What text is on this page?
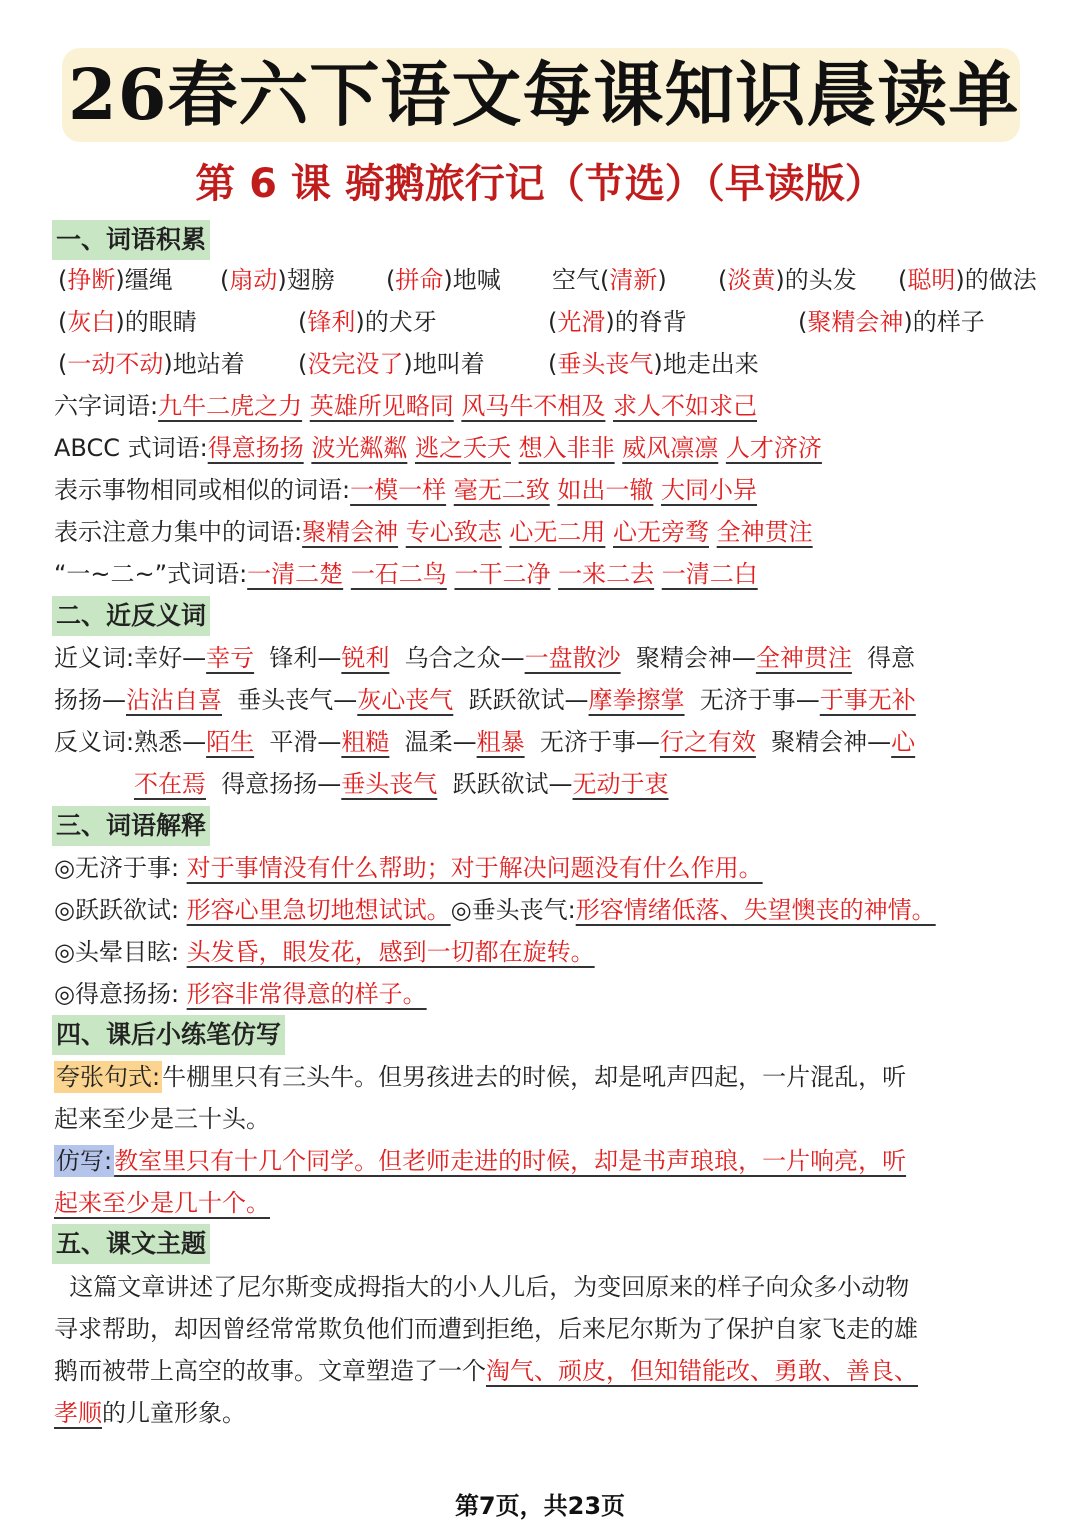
26春六下语文每课知识晨读单
第 6 课 骑鹅旅行记（节选）（早读版）
一、词语积累
(挣断)缰绳 (扇动)翅膀 (拼命)地喊 空气(清新) (淡黄)的头发 (聪明)的做法
(灰白)的眼睛	(锋利)的犬牙	(光滑)的脊背	(聚精会神)的样子
(一动不动)地站着 (没完没了)地叫着	(垂头丧气)地走出来
六字词语:九牛二虎之力 英雄所见略同 风马牛不相及 求人不如求己
ABCC 式词语:得意扬扬 波光粼粼 逃之夭夭 想入非非 威风凛凛 人才济济
表示事物相同或相似的词语:一模一样 毫无二致 如出一辙 大同小异
表示注意力集中的词语:聚精会神 专心致志 心无二用 心无旁骛 全神贯注
“一~二~”式词语:一清二楚 一石二鸟 一干二净 一来二去 一清二白
二、近反义词
近义词:幸好—幸亏 锋利—锐利 乌合之众—一盘散沙 聚精会神—全神贯注 得意
扬扬—沾沾自喜 垂头丧气—灰心丧气 跃跃欲试—摩拳擦掌 无济于事—于事无补
反义词:熟悉—陌生 平滑—粗糙 温柔—粗暴 无济于事—行之有效 聚精会神—心
不在焉 得意扬扬—垂头丧气 跃跃欲试—无动于衷
三、词语解释
◎无济于事: 对于事情没有什么帮助；对于解决问题没有什么作用。
◎跃跃欲试: 形容心里急切地想试试。◎垂头丧气:形容情绪低落、失望懊丧的神情。
◎头晕目眩: 头发昏，眼发花，感到一切都在旋转。
◎得意扬扬: 形容非常得意的样子。
四、课后小练笔仿写
夸张句式:牛棚里只有三头牛。但男孩进去的时候，却是吼声四起，一片混乱，听
起来至少是三十头。
仿写:教室里只有十几个同学。但老师走进的时候，却是书声琅琅，一片响亮，听
起来至少是几十个。
五、课文主题
这篇文章讲述了尼尔斯变成拇指大的小人儿后，为变回原来的样子向众多小动物
寻求帮助，却因曾经常常欺负他们而遭到拒绝，后来尼尔斯为了保护自家飞走的雄
鹅而被带上高空的故事。文章塑造了一个淘气、顽皮，但知错能改、勇敢、善良、
孝顺的儿童形象。
第7页，共23页
